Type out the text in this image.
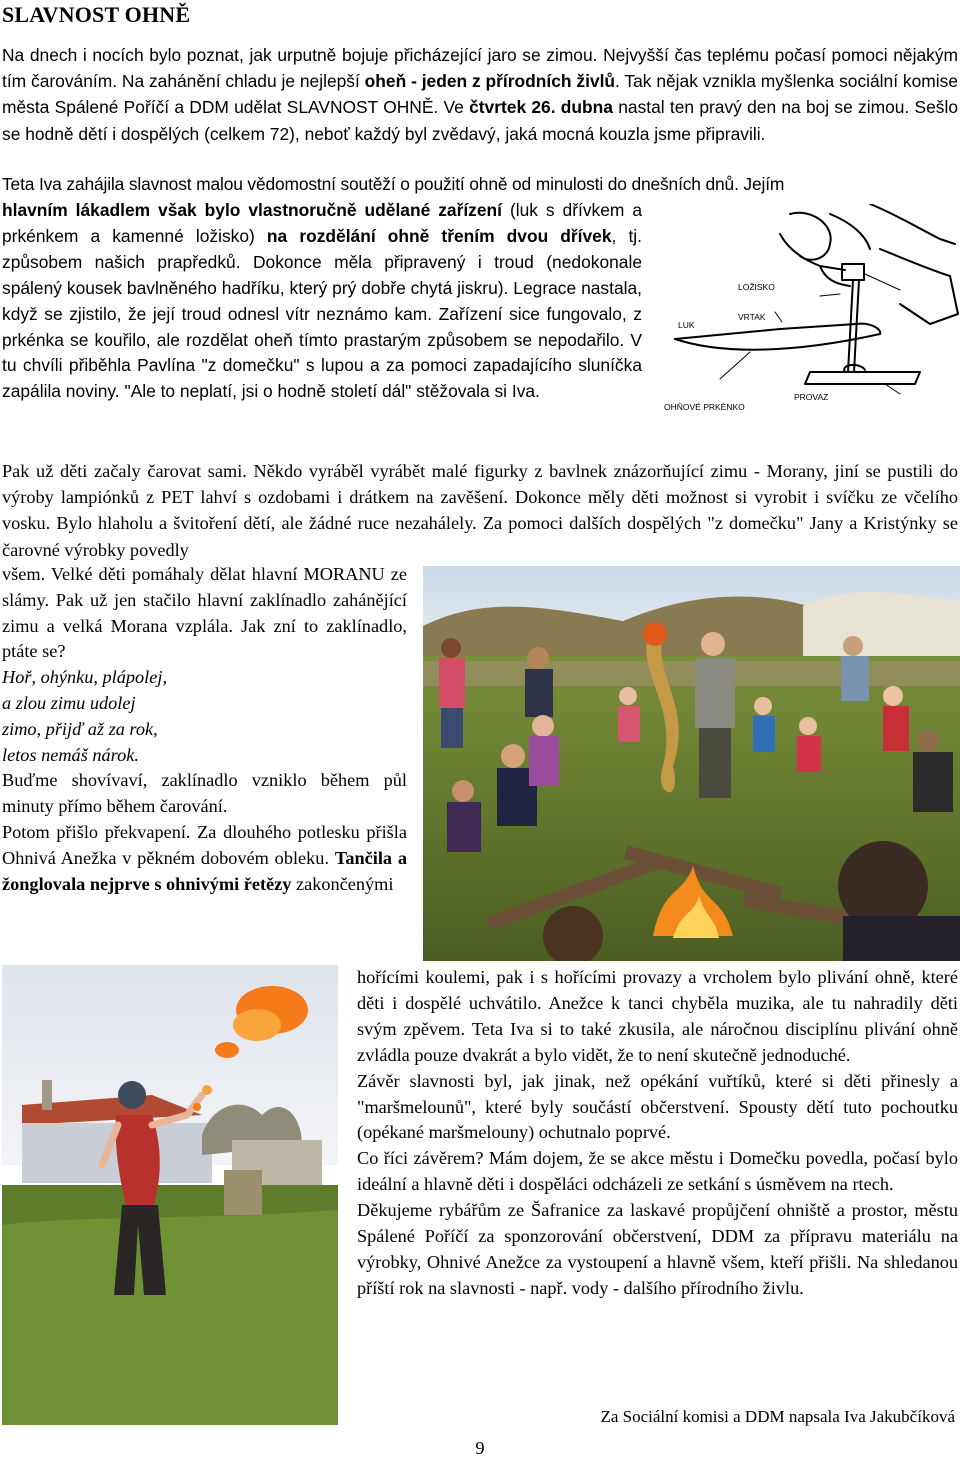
SLAVNOST OHNĚ

Na dnech i nocích bylo poznat, jak urputně bojuje přicházející jaro se zimou. Nejvyšší čas teplému počasí pomoci nějakým tím čarováním. Na zahánění chladu je nejlepší oheň - jeden z přírodních živlů. Tak nějak vznikla myšlenka sociální komise města Spálené Poříčí a DDM udělat SLAVNOST OHNĚ. Ve čtvrtek 26. dubna nastal ten pravý den na boj se zimou. Sešlo se hodně dětí i dospělých (celkem 72), neboť každý byl zvědavý, jaká mocná kouzla jsme připravili.

Teta Iva zahájila slavnost malou vědomostní soutěží o použití ohně od minulosti do dnešních dnů. Jejím

hlavním lákadlem však bylo vlastnoručně udělané zařízení (luk s dřívkem a prkénkem a kamenné ložisko) na rozdělání ohně třením dvou dřívek, tj. způsobem našich prapředků. Dokonce měla připravený i troud (nedokonale spálený kousek bavlněného hadříku, který prý dobře chytá jiskru). Legrace nastala, když se zjistilo, že její troud odnesl vítr neznámo kam. Zařízení sice fungovalo, z prkénka se kouřilo, ale rozdělat oheň tímto prastarým způsobem se nepodařilo. V tu chvíli přiběhla Pavlína "z domečku" s lupou a za pomoci zapadajícího sluníčka zapálila noviny. "Ale to neplatí, jsi o hodně století dál" stěžovala si Iva.

LOŽISKO
LUK
VRTAK
OHŇOVÉ PRKÉNKO
PROVAZ

Pak už děti začaly čarovat sami. Někdo vyráběl vyrábět malé figurky z bavlnek znázorňující zimu - Morany, jiní se pustili do výroby lampiónků z PET lahví s ozdobami i drátkem na zavěšení. Dokonce měly děti možnost si vyrobit i svíčku ze včelího vosku. Bylo hlaholu a švitoření dětí, ale žádné ruce nezahálely. Za pomoci dalších dospělých "z domečku" Jany a Kristýnky se čarovné výrobky povedly

všem. Velké děti pomáhaly dělat hlavní MORANU ze slámy. Pak už jen stačilo hlavní zaklínadlo zahánějící zimu a velká Morana vzplála. Jak zní to zaklínadlo, ptáte se?

Hoř, ohýnku, plápolej,

a zlou zimu udolej

zimo, přijď až za rok,

letos nemáš nárok.

Buďme shovívaví, zaklínadlo vzniklo během půl minuty přímo během čarování.

Potom přišlo překvapení. Za dlouhého potlesku přišla Ohnivá Anežka v pěkném dobovém obleku. Tančila a žonglovala nejprve s ohnivými řetězy zakončenými

hořícími koulemi, pak i s hořícími provazy a vrcholem bylo plivání ohně, které děti i dospělé uchvátilo. Anežce k tanci chyběla muzika, ale tu nahradily děti svým zpěvem. Teta Iva si to také zkusila, ale náročnou disciplínu plivání ohně zvládla pouze dvakrát a bylo vidět, že to není skutečně jednoduché.

Závěr slavnosti byl, jak jinak, než opékání vuřtíků, které si děti přinesly a "maršmelounů", které byly součástí občerstvení. Spousty dětí tuto pochoutku (opékané maršmelouny) ochutnalo poprvé.

Co říci závěrem? Mám dojem, že se akce městu i Domečku povedla, počasí bylo ideální a hlavně děti i dospěláci odcházeli ze setkání s úsměvem na rtech.

Děkujeme rybářům ze Šafranice za laskavé propůjčení ohniště a prostor, městu Spálené Poříčí za sponzorování občerstvení, DDM za přípravu materiálu na výrobky, Ohnivé Anežce za vystoupení a hlavně všem, kteří přišli. Na shledanou příští rok na slavnosti - např. vody - dalšího přírodního živlu.

Za Sociální komisi a DDM napsala Iva Jakubčíková

9
